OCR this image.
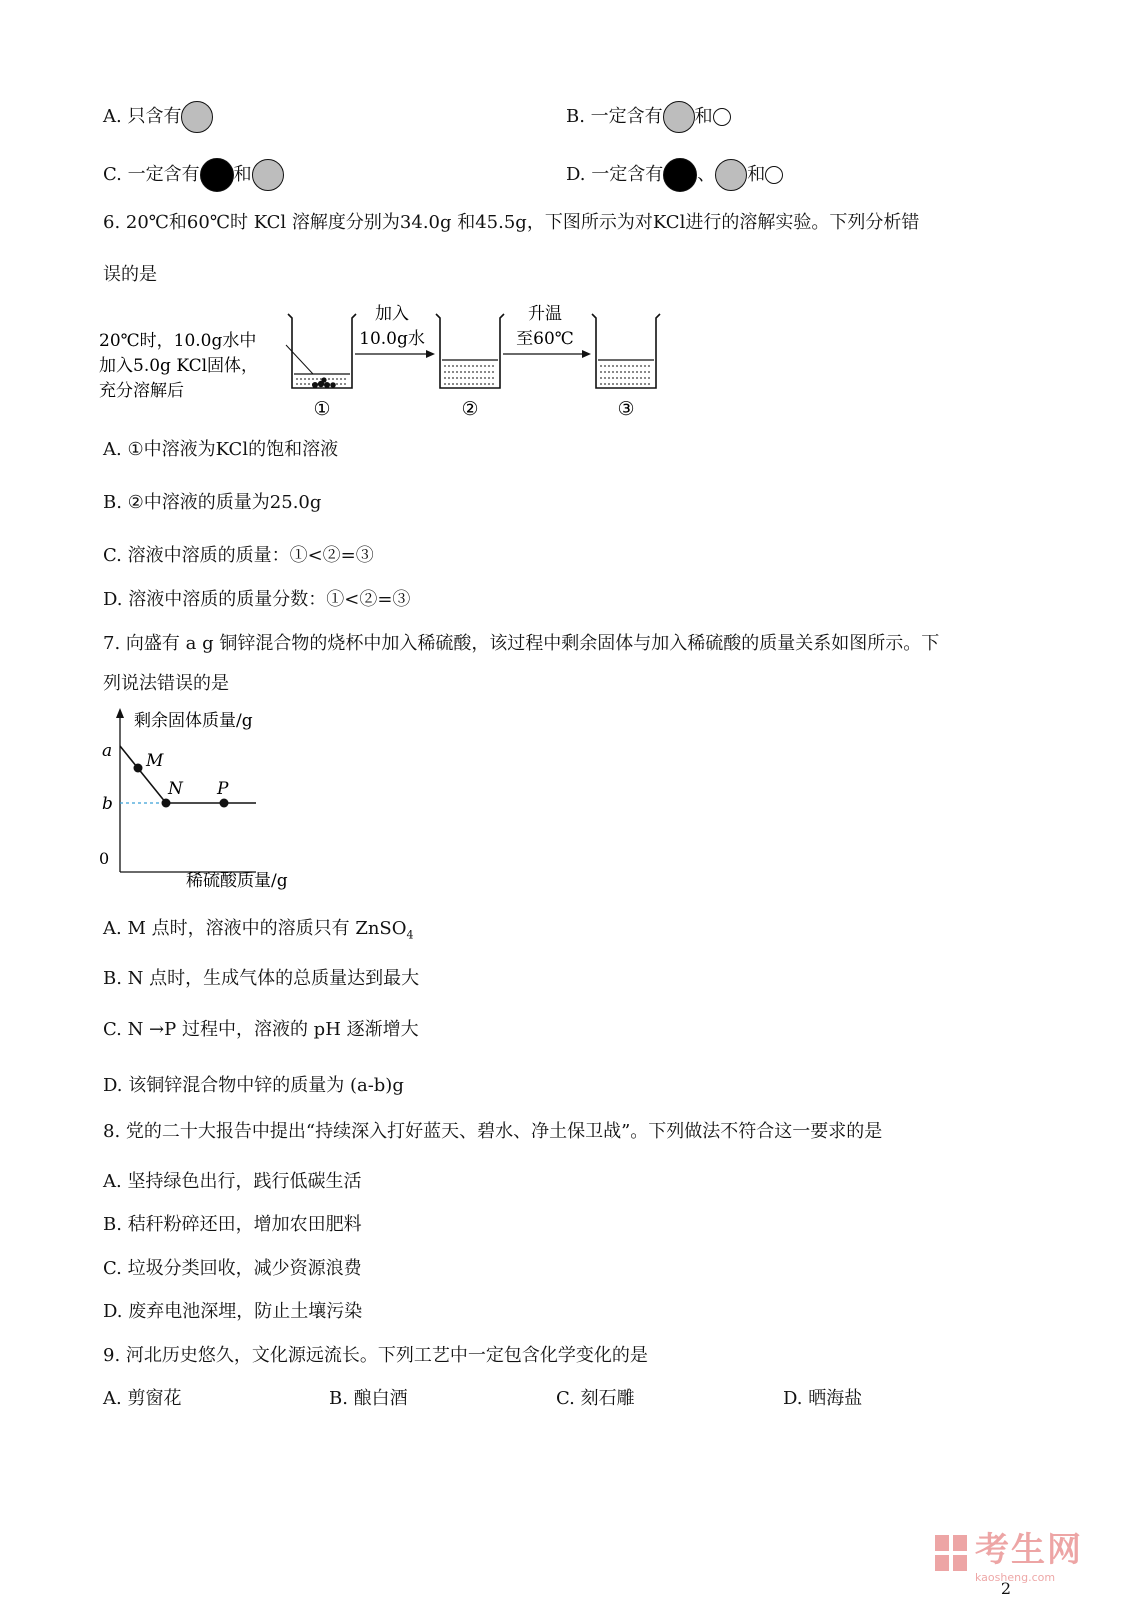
A. 只含有	B. 一定含有 和
C. 一定含有 和	D. 一定含有 、 和
6. 20℃和60℃时 KCl 溶解度分别为34.0g 和45.5g，下图所示为对KCl进行的溶解实验。下列分析错
误的是
20℃时，10.0g水中
加入5.0g KCl固体，
充分溶解后
①
加入
10.0g水
②
升温
至60℃
③
A. ①中溶液为KCl的饱和溶液
B. ②中溶液的质量为25.0g
C. 溶液中溶质的质量：①<②=③
D. 溶液中溶质的质量分数：①<②=③
7. 向盛有 a g 铜锌混合物的烧杯中加入稀硫酸，该过程中剩余固体与加入稀硫酸的质量关系如图所示。下
列说法错误的是
剩余固体质量/g
稀硫酸质量/g
0
a
b
M
N P
A. M 点时，溶液中的溶质只有 ZnSO$_4$
B. N 点时，生成气体的总质量达到最大
C. N →P 过程中，溶液的 pH 逐渐增大
D. 该铜锌混合物中锌的质量为 (a-b)g
8. 党的二十大报告中提出“持续深入打好蓝天、碧水、净土保卫战”。下列做法不符合这一要求的是
A. 坚持绿色出行，践行低碳生活
B. 秸秆粉碎还田，增加农田肥料
C. 垃圾分类回收，减少资源浪费
D. 废弃电池深埋，防止土壤污染
9. 河北历史悠久，文化源远流长。下列工艺中一定包含化学变化的是
A. 剪窗花	B. 酿白酒	C. 刻石雕	D. 晒海盐
考生网
kaosheng.com
2
